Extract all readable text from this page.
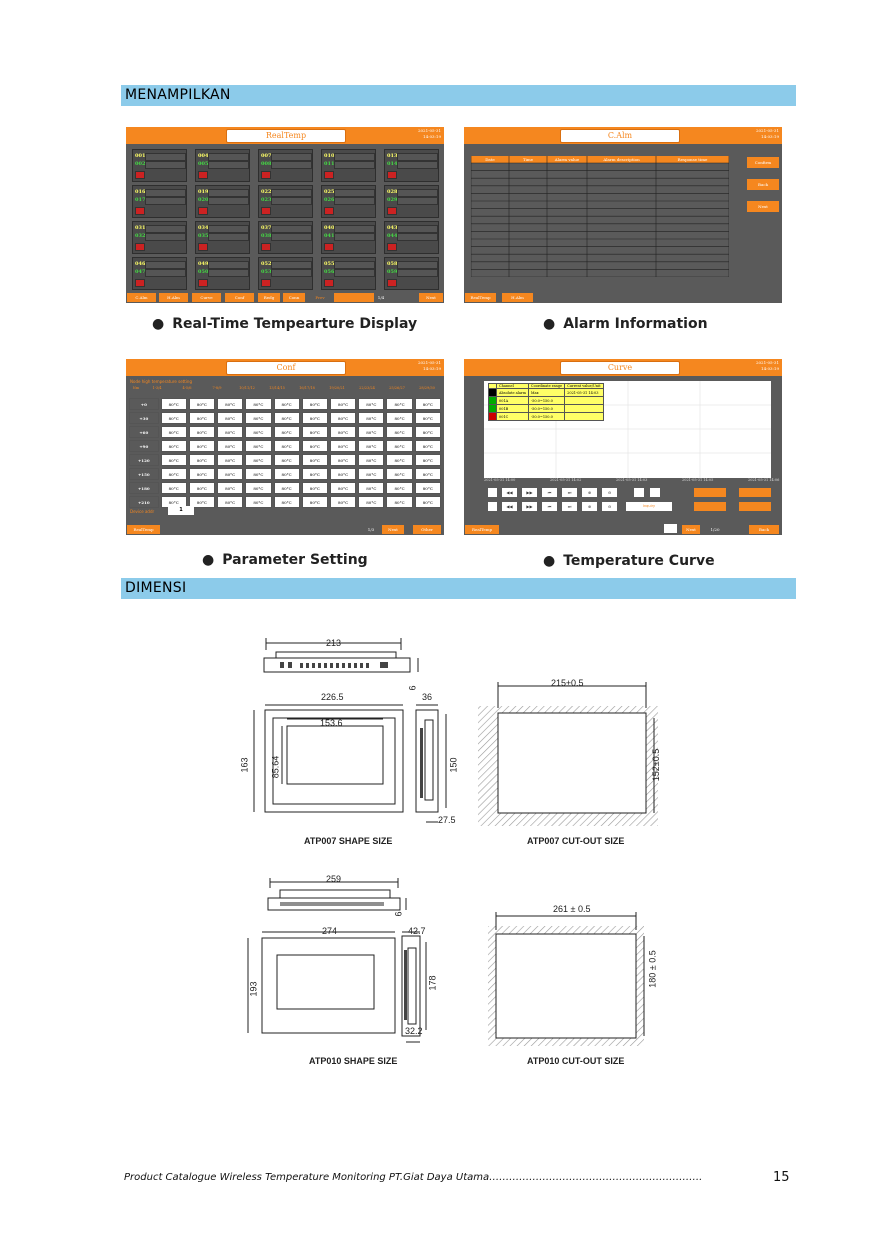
MENAMPILKAN
RealTemp
2021-05-31
14:03:19
001
002
004
005
007
008
010
011
013
014
016
017
019
020
022
023
025
026
028
029
031
032
034
035
037
038
040
041
043
044
046
047
049
050
052
053
055
056
058
059
C.Alm	H.Alm	Curve	Conf	Redg	Conn	Prev	1/4	Next
C.Alm
2021-05-31
14:03:19
Date	Time	Alarm value	Alarm description	Response time
Confirm
Back
Next
RealTemp	H.Alm
● Real-Time Tempearture Display	● Alarm Information
Conf
2021-05-31
14:03:19
Node high temperature setting
Nm	1-3/4	4-5/6	7-8/9	10/11/12	13/14/15	16/17/18	19/20/21	22/23/24	25/26/27	28/29/30
+0	80°C	80°C	80°C	80°C	80°C	80°C	80°C	80°C	80°C	80°C
+30	80°C	80°C	80°C	80°C	80°C	80°C	80°C	80°C	80°C	80°C
+60	80°C	80°C	80°C	80°C	80°C	80°C	80°C	80°C	80°C	80°C
+90	80°C	80°C	80°C	80°C	80°C	80°C	80°C	80°C	80°C	80°C
+120	80°C	80°C	80°C	80°C	80°C	80°C	80°C	80°C	80°C	80°C
+150	80°C	80°C	80°C	80°C	80°C	80°C	80°C	80°C	80°C	80°C
+180	80°C	80°C	80°C	80°C	80°C	80°C	80°C	80°C	80°C	80°C
+210	80°C	80°C	80°C	80°C	80°C	80°C	80°C	80°C	80°C	80°C
Device addr	1
RealTemp	1/3	Next	Other
Curve
2021-05-31
14:03:19
	Channel	Coordinate range	Current value/Unit
	Absolute alarm	Max	2021-05-31 14:03
	001A	-50.0~150.0	
	001B	-50.0~150.0	
	001C	-50.0~150.0	
2021-05-31 14:00	2021-05-31 14:02	2021-05-31 14:03	2021-05-31 14:05	2021-05-31 14:06
◀◀	▶▶	⏮	⏭	⊕	⊖
◀◀	▶▶	⏮	⏭	⊕	⊖	Inquiry
RealTemp	Next	1/20	Back
● Parameter Setting	● Temperature Curve
DIMENSI
213
6
226.5	36
153.6
85.64
163	150
27.5
215±0.5
152±0.5
ATP007 SHAPE SIZE	ATP007 CUT-OUT SIZE
259
6
274	42.7
193	178
32.2
261 ± 0.5
180 ± 0.5
ATP010 SHAPE SIZE	ATP010 CUT-OUT SIZE
Product Catalogue Wireless Temperature Monitoring PT.Giat Daya Utama……………………………………………………….	15
